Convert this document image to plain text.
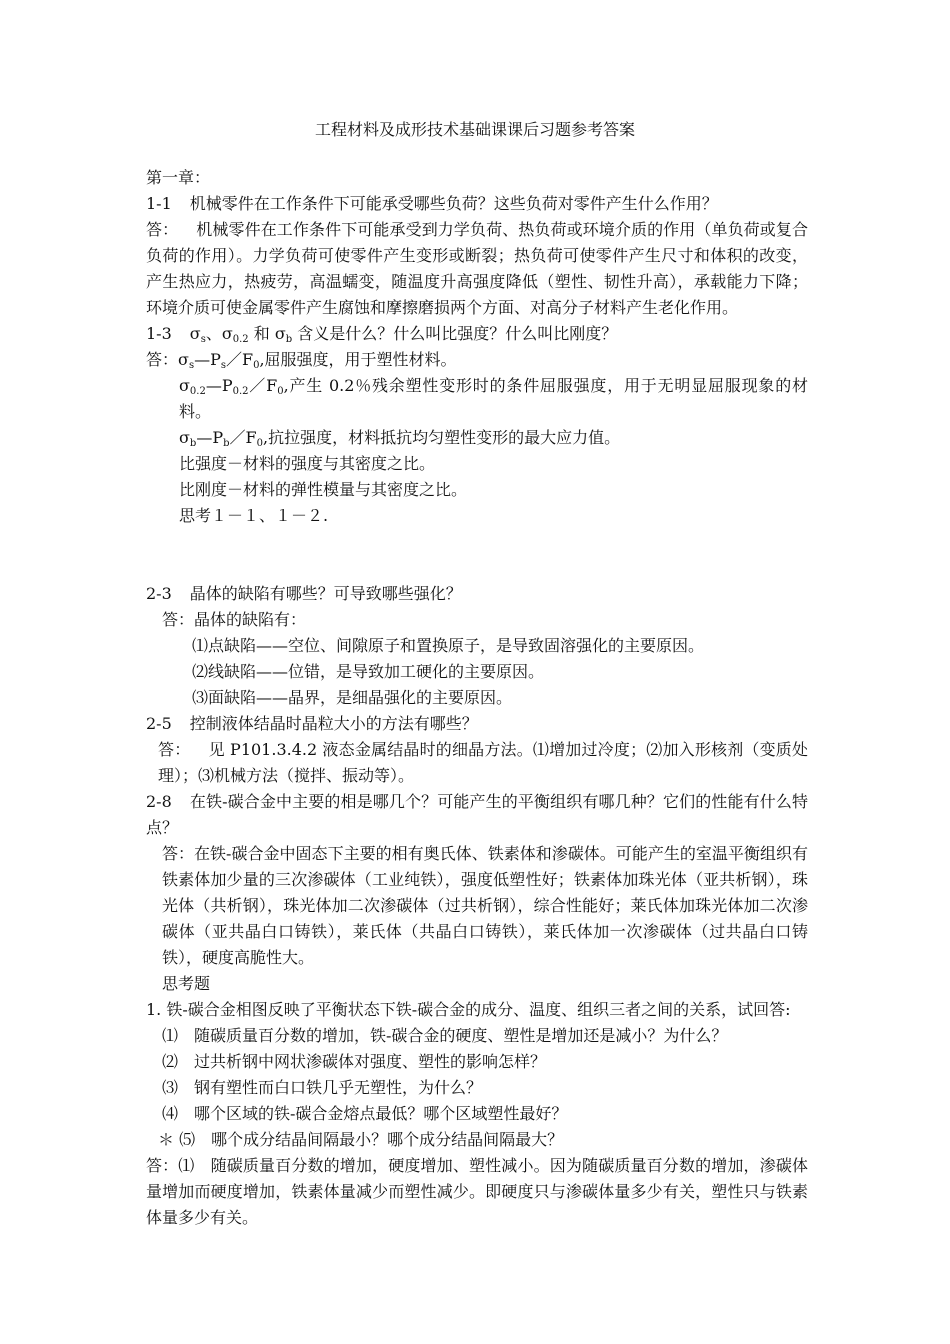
工程材料及成形技术基础课课后习题参考答案

第一章：

1-1 机械零件在工作条件下可能承受哪些负荷？这些负荷对零件产生什么作用？

答： 机械零件在工作条件下可能承受到力学负荷、热负荷或环境介质的作用（单负荷或复合负荷的作用）。力学负荷可使零件产生变形或断裂；热负荷可使零件产生尺寸和体积的改变，产生热应力，热疲劳，高温蠕变，随温度升高强度降低（塑性、韧性升高），承载能力下降；环境介质可使金属零件产生腐蚀和摩擦磨损两个方面、对高分子材料产生老化作用。

1-3 $\sigma_s$、$\sigma_{0.2}$ 和 $\sigma_b$ 含义是什么？什么叫比强度？什么叫比刚度？

答：$\sigma_s—P_s/F_0$,屈服强度，用于塑性材料。

$\sigma_{0.2}—P_{0.2}/F_0$,产生 0.2％残余塑性变形时的条件屈服强度，用于无明显屈服现象的材料。

$\sigma_b—P_b/F_0$,抗拉强度，材料抵抗均匀塑性变形的最大应力值。

比强度－材料的强度与其密度之比。

比刚度－材料的弹性模量与其密度之比。

思考１－１、１－２.

2-3 晶体的缺陷有哪些？可导致哪些强化？

答：晶体的缺陷有：

⑴点缺陷——空位、间隙原子和置换原子，是导致固溶强化的主要原因。

⑵线缺陷——位错，是导致加工硬化的主要原因。

⑶面缺陷——晶界，是细晶强化的主要原因。

2-5 控制液体结晶时晶粒大小的方法有哪些？

答： 见 P101.3.4.2 液态金属结晶时的细晶方法。⑴增加过冷度；⑵加入形核剂（变质处理）；⑶机械方法（搅拌、振动等）。

2-8 在铁-碳合金中主要的相是哪几个？可能产生的平衡组织有哪几种？它们的性能有什么特点？

答：在铁-碳合金中固态下主要的相有奥氏体、铁素体和渗碳体。可能产生的室温平衡组织有铁素体加少量的三次渗碳体（工业纯铁），强度低塑性好；铁素体加珠光体（亚共析钢），珠光体（共析钢），珠光体加二次渗碳体（过共析钢），综合性能好；莱氏体加珠光体加二次渗碳体（亚共晶白口铸铁），莱氏体（共晶白口铸铁），莱氏体加一次渗碳体（过共晶白口铸铁），硬度高脆性大。

思考题

1. 铁-碳合金相图反映了平衡状态下铁-碳合金的成分、温度、组织三者之间的关系，试回答:

⑴　随碳质量百分数的增加，铁-碳合金的硬度、塑性是增加还是减小？为什么？

⑵　过共析钢中网状渗碳体对强度、塑性的影响怎样？

⑶　钢有塑性而白口铁几乎无塑性，为什么？

⑷　哪个区域的铁-碳合金熔点最低？哪个区域塑性最好？

＊ ⑸　哪个成分结晶间隔最小？哪个成分结晶间隔最大？

答：⑴　随碳质量百分数的增加，硬度增加、塑性减小。因为随碳质量百分数的增加，渗碳体量增加而硬度增加，铁素体量减少而塑性减少。即硬度只与渗碳体量多少有关，塑性只与铁素体量多少有关。
